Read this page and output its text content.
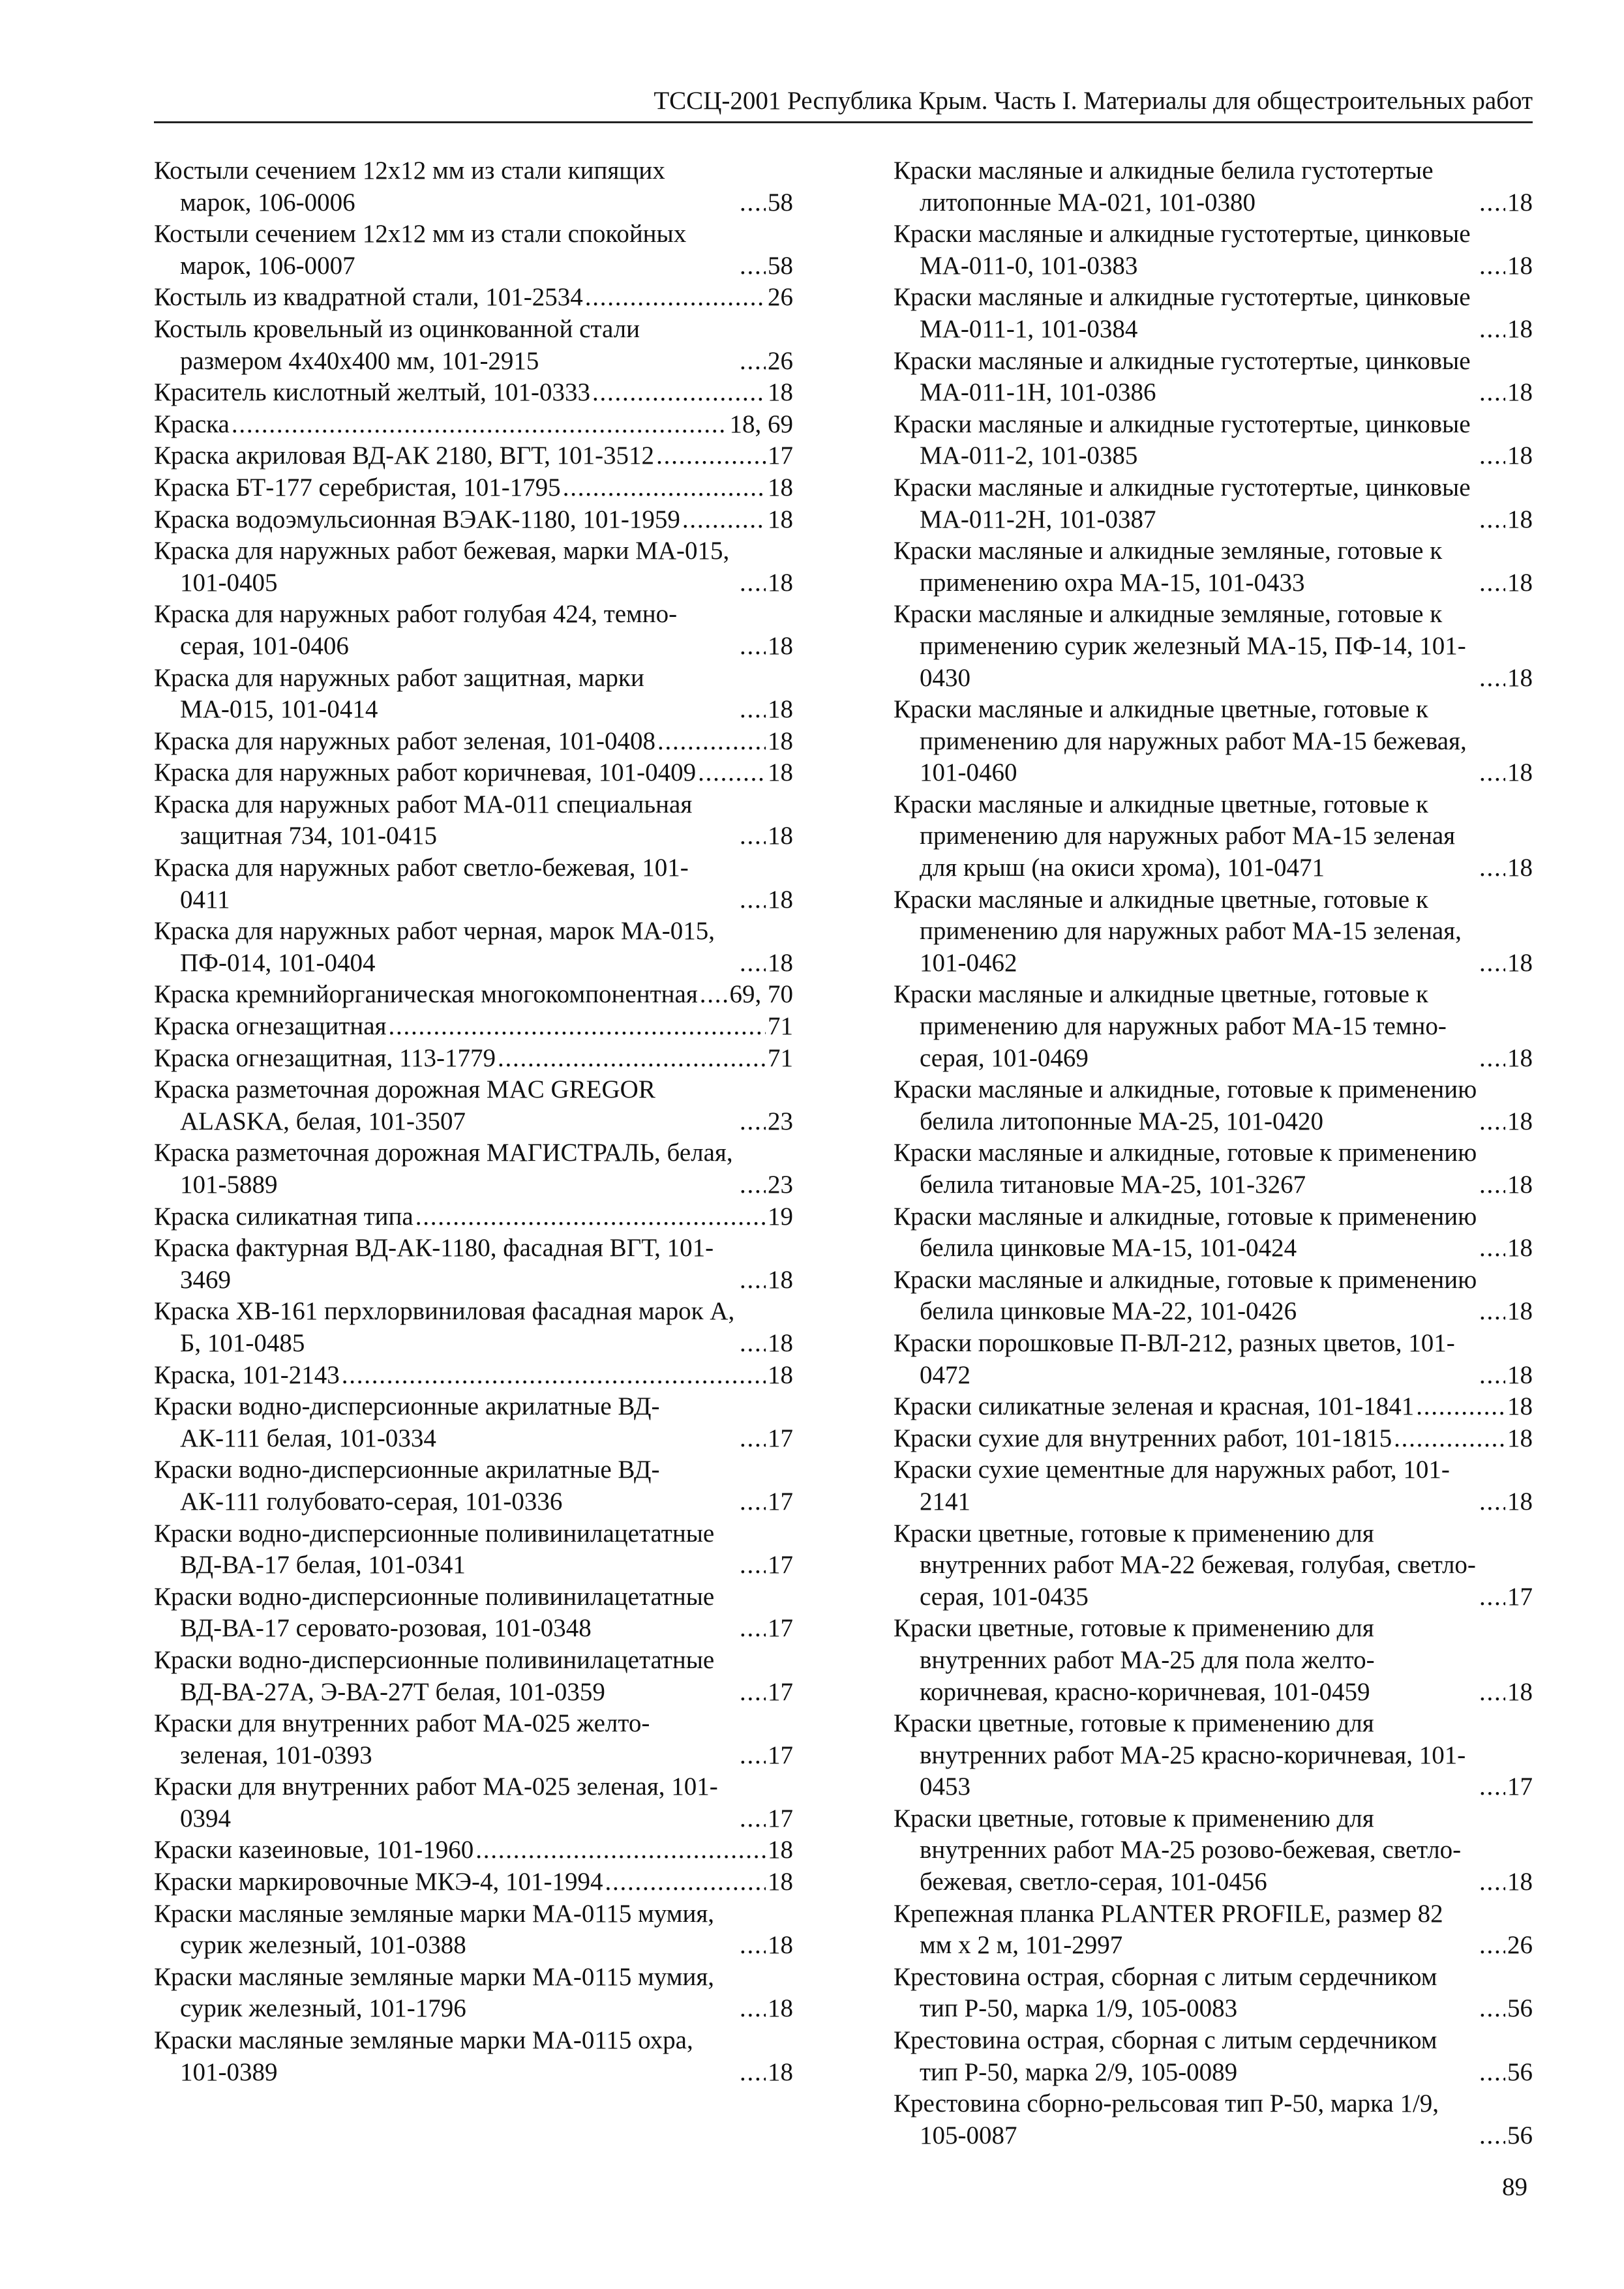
ТССЦ-2001 Республика Крым. Часть I. Материалы для общестроительных работ
Костыли сечением 12х12 мм из стали кипящих марок, 106-0006 . . .	58
Костыли сечением 12х12 мм из стали спокойных марок, 106-0007 . . .	58
Костыль из квадратной стали, 101-2534 . . .	26
Костыль кровельный из оцинкованной стали размером 4х40х400 мм, 101-2915 . . .	26
Краситель кислотный желтый, 101-0333 . . .	18
Краска . . .	18, 69
Краска акриловая ВД-АК 2180, ВГТ, 101-3512 . . .	17
Краска БТ-177 серебристая, 101-1795 . . .	18
Краска водоэмульсионная ВЭАК-1180, 101-1959 . . .	18
Краска для наружных работ бежевая, марки МА-015, 101-0405 . . .	18
Краска для наружных работ голубая 424, темно-серая, 101-0406 . . .	18
Краска для наружных работ защитная, марки МА-015, 101-0414 . . .	18
Краска для наружных работ зеленая, 101-0408 . . .	18
Краска для наружных работ коричневая, 101-0409 . . .	18
Краска для наружных работ МА-011 специальная защитная 734, 101-0415 . . .	18
Краска для наружных работ светло-бежевая, 101-0411 . . .	18
Краска для наружных работ черная, марок МА-015, ПФ-014, 101-0404 . . .	18
Краска кремнийорганическая многокомпонентная . . . 69, 70
Краска огнезащитная . . .	71
Краска огнезащитная, 113-1779 . . .	71
Краска разметочная дорожная MAC GREGOR ALASKA, белая, 101-3507 . . .	23
Краска разметочная дорожная МАГИСТРАЛЬ, белая, 101-5889 . . .	23
Краска силикатная типа . . .	19
Краска фактурная ВД-АК-1180, фасадная ВГТ, 101-3469 . . .	18
Краска ХВ-161 перхлорвиниловая фасадная марок А, Б, 101-0485 . . .	18
Краска, 101-2143 . . .	18
Краски водно-дисперсионные акрилатные ВД-АК-111 белая, 101-0334 . . .	17
Краски водно-дисперсионные акрилатные ВД-АК-111 голубовато-серая, 101-0336 . . .	17
Краски водно-дисперсионные поливинилацетатные ВД-ВА-17 белая, 101-0341 . . .	17
Краски водно-дисперсионные поливинилацетатные ВД-ВА-17 серовато-розовая, 101-0348 . . .	17
Краски водно-дисперсионные поливинилацетатные ВД-ВА-27А, Э-ВА-27Т белая, 101-0359 . . .	17
Краски для внутренних работ МА-025 желто-зеленая, 101-0393 . . .	17
Краски для внутренних работ МА-025 зеленая, 101-0394 . . .	17
Краски казеиновые, 101-1960 . . .	18
Краски маркировочные МКЭ-4, 101-1994 . . .	18
Краски масляные земляные марки МА-0115 мумия, сурик железный, 101-0388 . . .	18
Краски масляные земляные марки МА-0115 мумия, сурик железный, 101-1796 . . .	18
Краски масляные земляные марки МА-0115 охра, 101-0389 . . .	18
Краски масляные и алкидные белила густотертые литопонные МА-021, 101-0380 . . .	18
Краски масляные и алкидные густотертые, цинковые МА-011-0, 101-0383 . . .	18
Краски масляные и алкидные густотертые, цинковые МА-011-1, 101-0384 . . .	18
Краски масляные и алкидные густотертые, цинковые МА-011-1Н, 101-0386 . . .	18
Краски масляные и алкидные густотертые, цинковые МА-011-2, 101-0385 . . .	18
Краски масляные и алкидные густотертые, цинковые МА-011-2Н, 101-0387 . . .	18
Краски масляные и алкидные земляные, готовые к применению охра МА-15, 101-0433 . . .	18
Краски масляные и алкидные земляные, готовые к применению сурик железный МА-15, ПФ-14, 101-0430 . . .	18
Краски масляные и алкидные цветные, готовые к применению для наружных работ МА-15 бежевая, 101-0460 . . .	18
Краски масляные и алкидные цветные, готовые к применению для наружных работ МА-15 зеленая для крыш (на окиси хрома), 101-0471 . . .	18
Краски масляные и алкидные цветные, готовые к применению для наружных работ МА-15 зеленая, 101-0462 . . .	18
Краски масляные и алкидные цветные, готовые к применению для наружных работ МА-15 темно-серая, 101-0469 . . .	18
Краски масляные и алкидные, готовые к применению белила литопонные МА-25, 101-0420 . . .	18
Краски масляные и алкидные, готовые к применению белила титановые МА-25, 101-3267 . . .	18
Краски масляные и алкидные, готовые к применению белила цинковые МА-15, 101-0424 . . .	18
Краски масляные и алкидные, готовые к применению белила цинковые МА-22, 101-0426 . . .	18
Краски порошковые П-ВЛ-212, разных цветов, 101-0472 . . .	18
Краски силикатные зеленая и красная, 101-1841 . . .	18
Краски сухие для внутренних работ, 101-1815 . . .	18
Краски сухие цементные для наружных работ, 101-2141 . . .	18
Краски цветные, готовые к применению для внутренних работ МА-22 бежевая, голубая, светло-серая, 101-0435 . . .	17
Краски цветные, готовые к применению для внутренних работ МА-25 для пола желто-коричневая, красно-коричневая, 101-0459 . . .	18
Краски цветные, готовые к применению для внутренних работ МА-25 красно-коричневая, 101-0453 . . .	17
Краски цветные, готовые к применению для внутренних работ МА-25 розово-бежевая, светло-бежевая, светло-серая, 101-0456 . . .	18
Крепежная планка PLANTER PROFILE, размер 82 мм х 2 м, 101-2997 . . .	26
Крестовина острая, сборная с литым сердечником тип Р-50, марка 1/9, 105-0083 . . .	56
Крестовина острая, сборная с литым сердечником тип Р-50, марка 2/9, 105-0089 . . .	56
Крестовина сборно-рельсовая тип Р-50, марка 1/9, 105-0087 . . .	56
89
